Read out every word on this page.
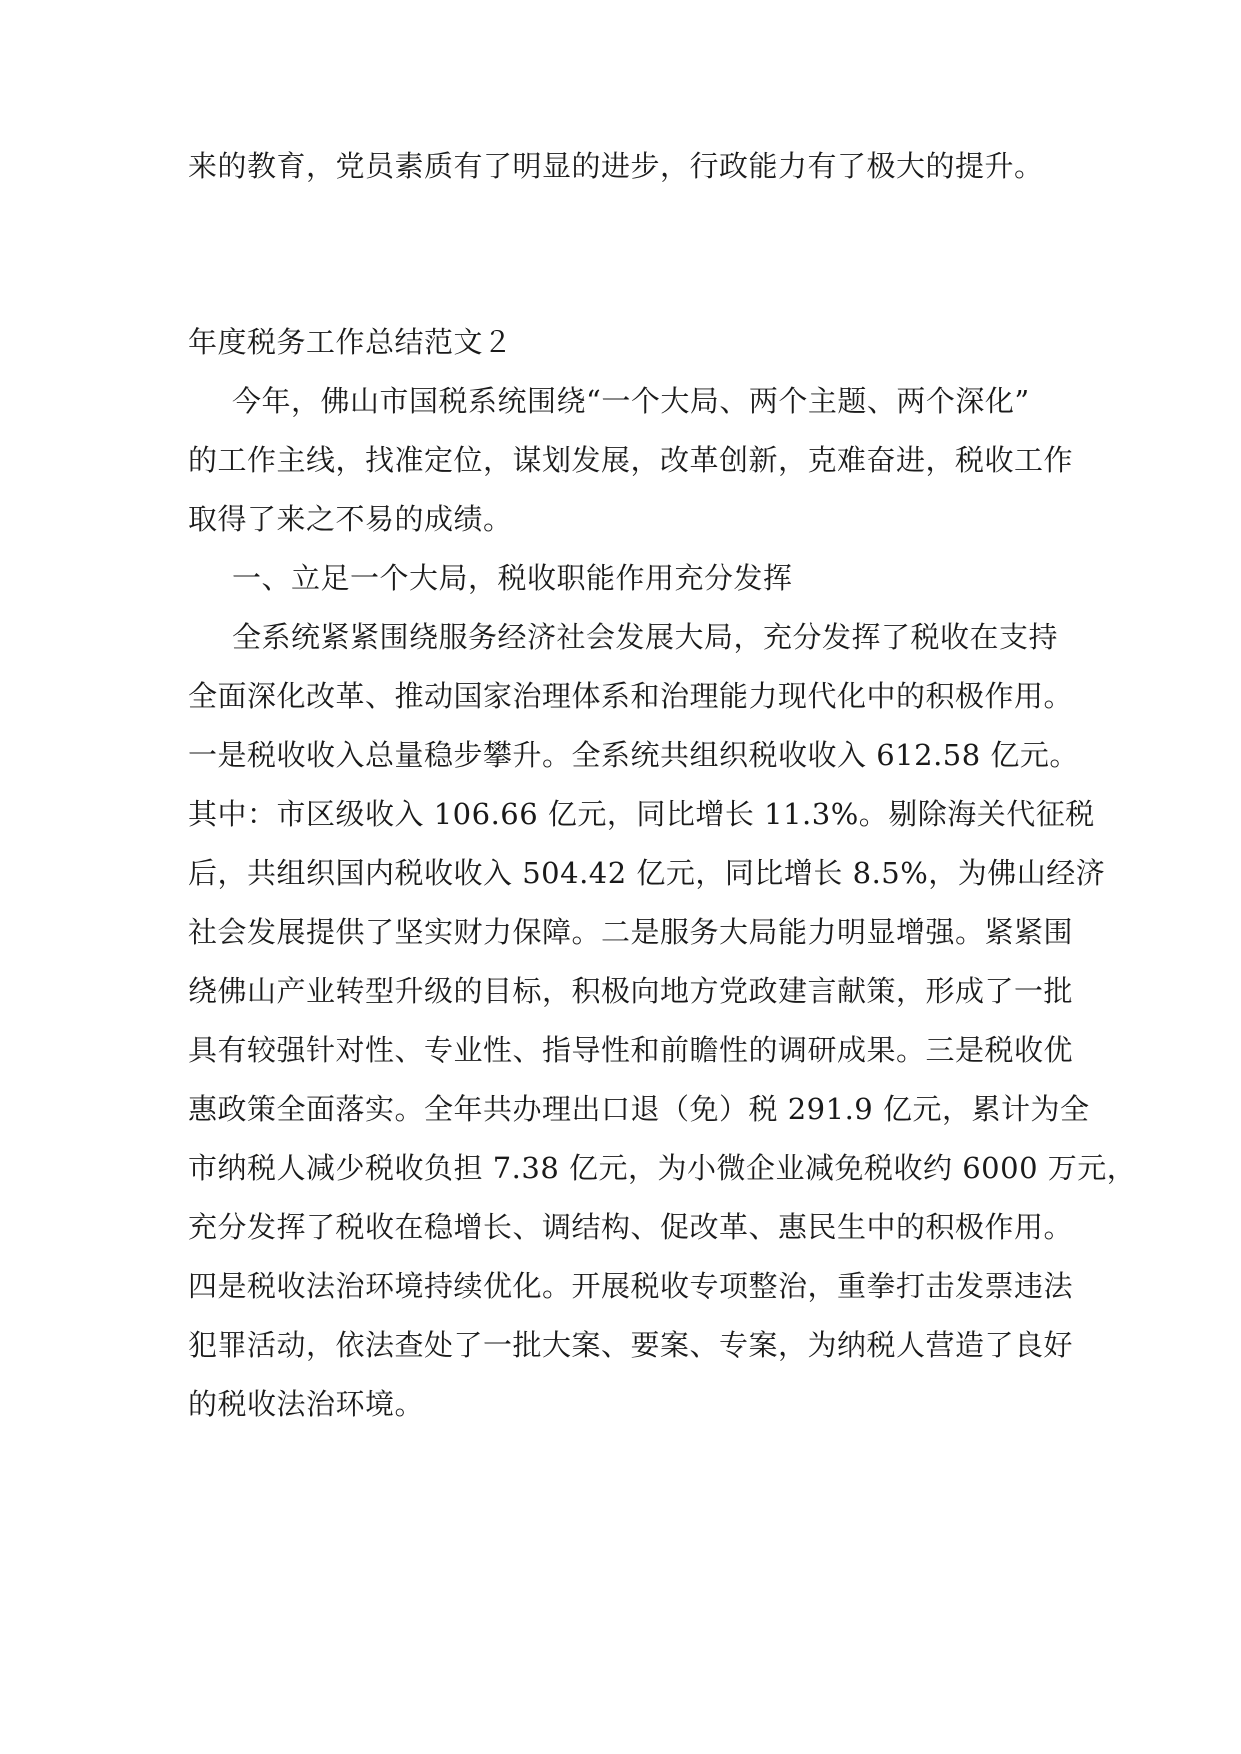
来的教育，党员素质有了明显的进步，行政能力有了极大的提升。
年度税务工作总结范文２
今年，佛山市国税系统围绕“一个大局、两个主题、两个深化”
的工作主线，找准定位，谋划发展，改革创新，克难奋进，税收工作
取得了来之不易的成绩。
一、立足一个大局，税收职能作用充分发挥
全系统紧紧围绕服务经济社会发展大局，充分发挥了税收在支持
全面深化改革、推动国家治理体系和治理能力现代化中的积极作用。
一是税收收入总量稳步攀升。全系统共组织税收收入 612.58 亿元。
其中：市区级收入 106.66 亿元，同比增长 11.3%。剔除海关代征税
后，共组织国内税收收入 504.42 亿元，同比增长 8.5%，为佛山经济
社会发展提供了坚实财力保障。二是服务大局能力明显增强。紧紧围
绕佛山产业转型升级的目标，积极向地方党政建言献策，形成了一批
具有较强针对性、专业性、指导性和前瞻性的调研成果。三是税收优
惠政策全面落实。全年共办理出口退（免）税 291.9 亿元，累计为全
市纳税人减少税收负担 7.38 亿元，为小微企业减免税收约 6000 万元，
充分发挥了税收在稳增长、调结构、促改革、惠民生中的积极作用。
四是税收法治环境持续优化。开展税收专项整治，重拳打击发票违法
犯罪活动，依法查处了一批大案、要案、专案，为纳税人营造了良好
的税收法治环境。
